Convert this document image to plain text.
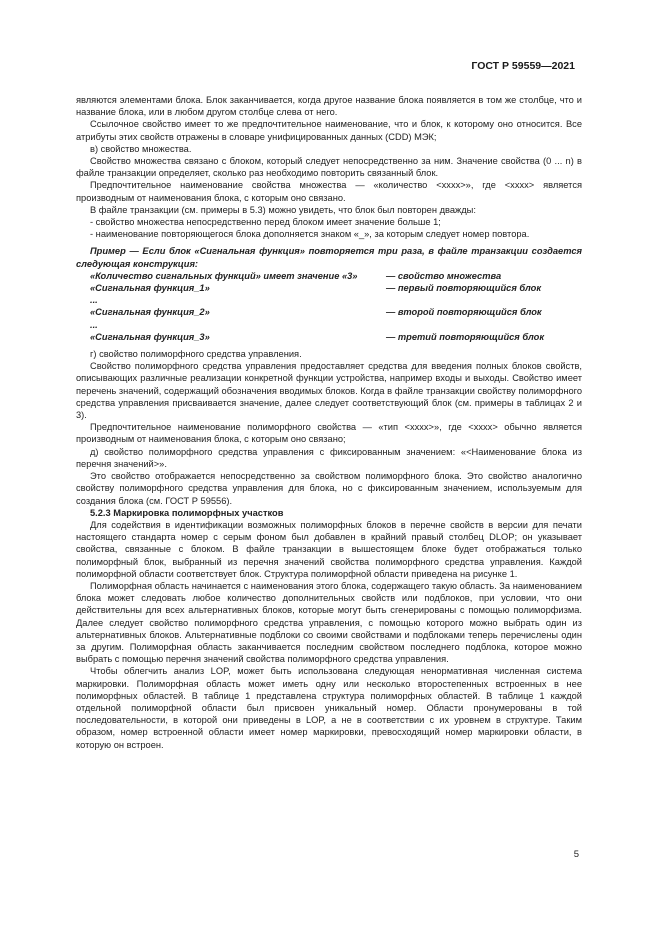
ГОСТ Р 59559—2021

являются элементами блока. Блок заканчивается, когда другое название блока появляется в том же столбце, что и название блока, или в любом другом столбце слева от него.

Ссылочное свойство имеет то же предпочтительное наименование, что и блок, к которому оно относится. Все атрибуты этих свойств отражены в словаре унифицированных данных (CDD) МЭК;

в) свойство множества.

Свойство множества связано с блоком, который следует непосредственно за ним. Значение свойства (0 ... n) в файле транзакции определяет, сколько раз необходимо повторить связанный блок.

Предпочтительное наименование свойства множества — «количество <xxxx>», где <xxxx> является производным от наименования блока, с которым оно связано.

В файле транзакции (см. примеры в 5.3) можно увидеть, что блок был повторен дважды:

- свойство множества непосредственно перед блоком имеет значение больше 1;

- наименование повторяющегося блока дополняется знаком «_», за которым следует номер повтора.

Пример — Если блок «Сигнальная функция» повторяется три раза, в файле транзакции создается следующая конструкция:

«Количество сигнальных функций» имеет значение «3»	— свойство множества
«Сигнальная функция_1»	— первый повторяющийся блок
...
«Сигнальная функция_2»	— второй повторяющийся блок
...
«Сигнальная функция_3»	— третий повторяющийся блок

г) свойство полиморфного средства управления.

Свойство полиморфного средства управления предоставляет средства для введения полных блоков свойств, описывающих различные реализации конкретной функции устройства, например входы и выходы. Свойство имеет перечень значений, содержащий обозначения вводимых блоков. Когда в файле транзакции свойству полиморфного средства управления присваивается значение, далее следует соответствующий блок (см. примеры в таблицах 2 и 3).

Предпочтительное наименование полиморфного свойства — «тип <xxxx>», где <xxxx> обычно является производным от наименования блока, с которым оно связано;

д) свойство полиморфного средства управления с фиксированным значением: «<Наименование блока из перечня значений>».

Это свойство отображается непосредственно за свойством полиморфного блока. Это свойство аналогично свойству полиморфного средства управления для блока, но с фиксированным значением, используемым для создания блока (см. ГОСТ Р 59556).

5.2.3 Маркировка полиморфных участков

Для содействия в идентификации возможных полиморфных блоков в перечне свойств в версии для печати настоящего стандарта номер с серым фоном был добавлен в крайний правый столбец DLOP; он указывает свойства, связанные с блоком. В файле транзакции в вышестоящем блоке будет отображаться только полиморфный блок, выбранный из перечня значений свойства полиморфного средства управления. Каждой полиморфной области соответствует блок. Структура полиморфной области приведена на рисунке 1.

Полиморфная область начинается с наименования этого блока, содержащего такую область. За наименованием блока может следовать любое количество дополнительных свойств или подблоков, при условии, что они действительны для всех альтернативных блоков, которые могут быть сгенерированы с помощью полиморфизма. Далее следует свойство полиморфного средства управления, с помощью которого можно выбрать один из альтернативных блоков. Альтернативные подблоки со своими свойствами и подблоками теперь перечислены один за другим. Полиморфная область заканчивается последним свойством последнего подблока, которое можно выбрать с помощью перечня значений свойства полиморфного средства управления.

Чтобы облегчить анализ LOP, может быть использована следующая ненормативная численная система маркировки. Полиморфная область может иметь одну или несколько второстепенных встроенных в нее полиморфных областей. В таблице 1 представлена структура полиморфных областей. В таблице 1 каждой отдельной полиморфной области был присвоен уникальный номер. Области пронумерованы в той последовательности, в которой они приведены в LOP, а не в соответствии с их уровнем в структуре. Таким образом, номер встроенной области имеет номер маркировки, превосходящий номер маркировки области, в которую он встроен.

5
